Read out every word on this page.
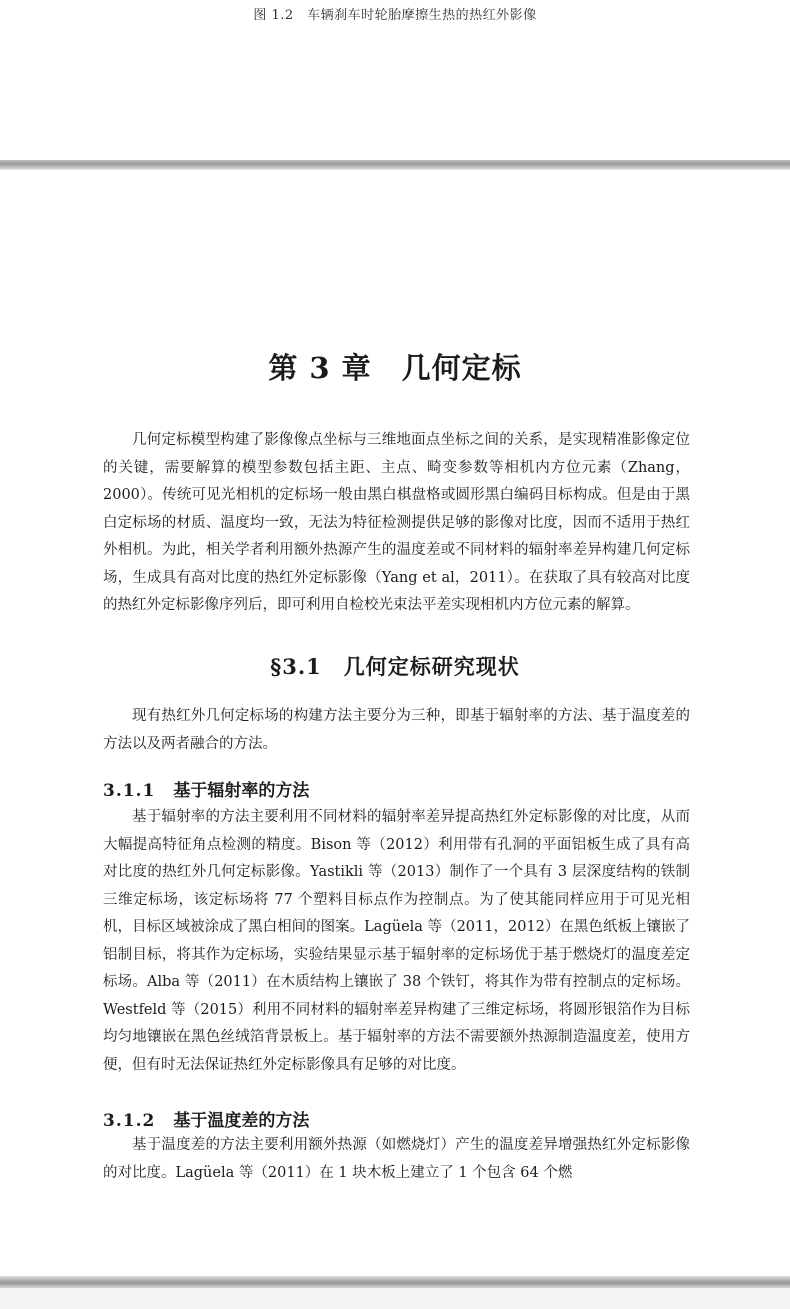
图 1.2　车辆刹车时轮胎摩擦生热的热红外影像
第 3 章　几何定标

几何定标模型构建了影像像点坐标与三维地面点坐标之间的关系，是实现精准影像定位的关键，需要解算的模型参数包括主距、主点、畸变参数等相机内方位元素（Zhang，2000）。传统可见光相机的定标场一般由黑白棋盘格或圆形黑白编码目标构成。但是由于黑白定标场的材质、温度均一致，无法为特征检测提供足够的影像对比度，因而不适用于热红外相机。为此，相关学者利用额外热源产生的温度差或不同材料的辐射率差异构建几何定标场，生成具有高对比度的热红外定标影像（Yang et al，2011）。在获取了具有较高对比度的热红外定标影像序列后，即可利用自检校光束法平差实现相机内方位元素的解算。

§3.1　几何定标研究现状

现有热红外几何定标场的构建方法主要分为三种，即基于辐射率的方法、基于温度差的方法以及两者融合的方法。

3.1.1 基于辐射率的方法

基于辐射率的方法主要利用不同材料的辐射率差异提高热红外定标影像的对比度，从而大幅提高特征角点检测的精度。Bison 等（2012）利用带有孔洞的平面铝板生成了具有高对比度的热红外几何定标影像。Yastikli 等（2013）制作了一个具有 3 层深度结构的铁制三维定标场，该定标场将 77 个塑料目标点作为控制点。为了使其能同样应用于可见光相机，目标区域被涂成了黑白相间的图案。Lagüela 等（2011，2012）在黑色纸板上镶嵌了铝制目标，将其作为定标场，实验结果显示基于辐射率的定标场优于基于燃烧灯的温度差定标场。Alba 等（2011）在木质结构上镶嵌了 38 个铁钉，将其作为带有控制点的定标场。Westfeld 等（2015）利用不同材料的辐射率差异构建了三维定标场，将圆形银箔作为目标均匀地镶嵌在黑色丝绒箔背景板上。基于辐射率的方法不需要额外热源制造温度差，使用方便，但有时无法保证热红外定标影像具有足够的对比度。

3.1.2 基于温度差的方法

基于温度差的方法主要利用额外热源（如燃烧灯）产生的温度差异增强热红外定标影像的对比度。Lagüela 等（2011）在 1 块木板上建立了 1 个包含 64 个燃
